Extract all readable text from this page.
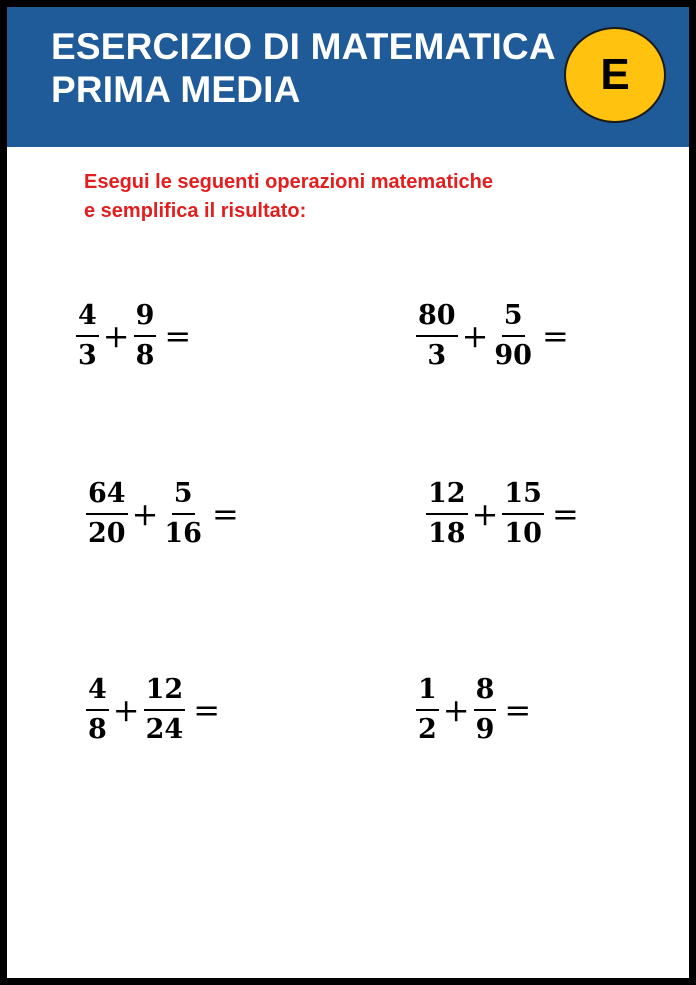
ESERCIZIO DI MATEMATICA
PRIMA MEDIA	E

Esegui le seguenti operazioni matematiche
e semplifica il risultato:

$\frac{4}{3} + \frac{9}{8}$ =	$\frac{80}{3} + \frac{5}{90}$ =
$\frac{64}{20} + \frac{5}{16}$ =	$\frac{12}{18} + \frac{15}{10}$ =
$\frac{4}{8} + \frac{12}{24}$ =	$\frac{1}{2} + \frac{8}{9}$ =
